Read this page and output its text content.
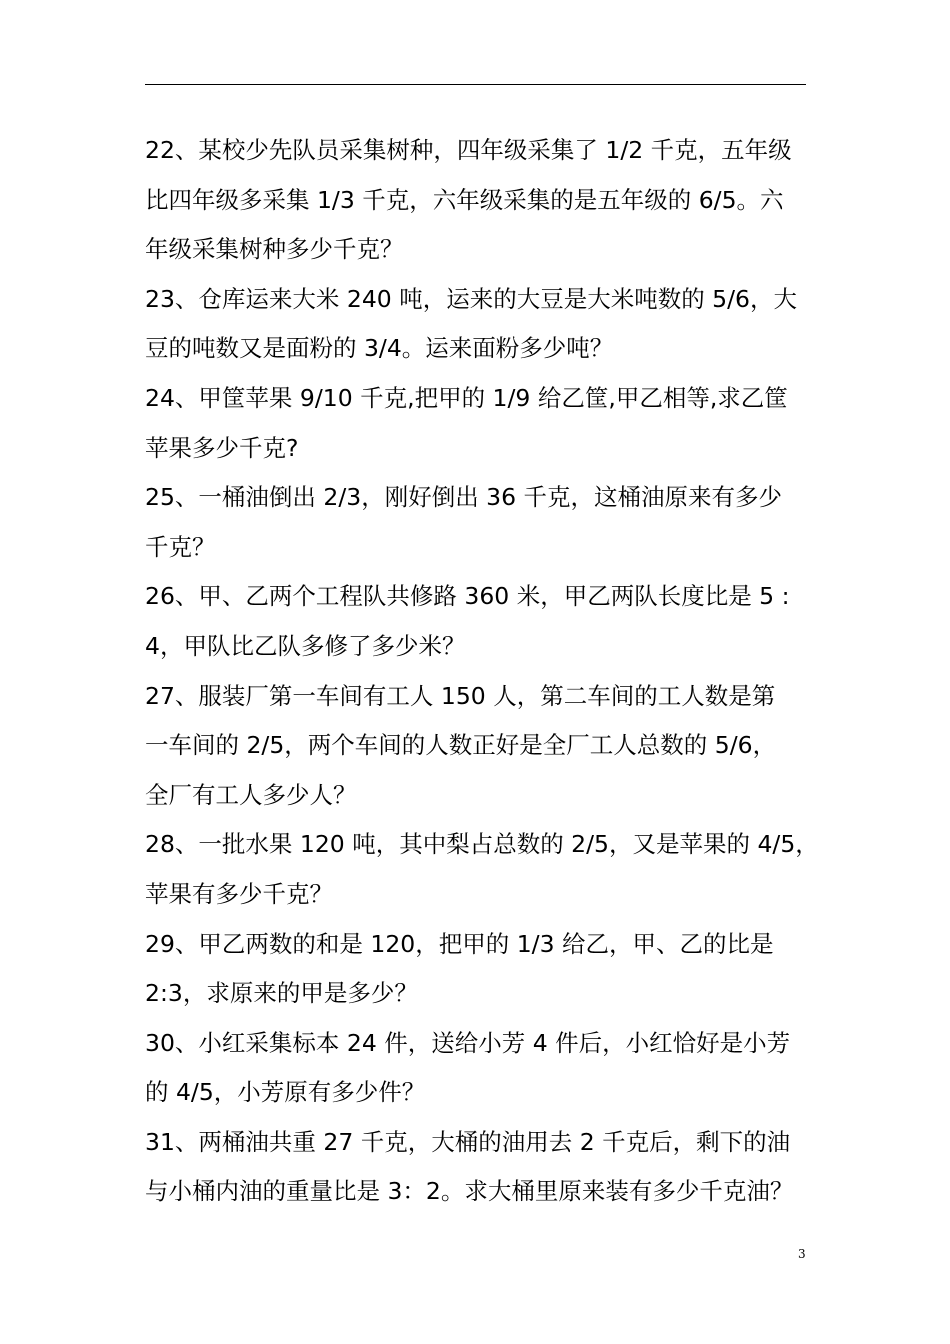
22、某校少先队员采集树种，四年级采集了 1/2 千克，五年级
比四年级多采集 1/3 千克，六年级采集的是五年级的 6/5。六
年级采集树种多少千克？
23、仓库运来大米 240 吨，运来的大豆是大米吨数的 5/6，大
豆的吨数又是面粉的 3/4。运来面粉多少吨？
24、甲筐苹果 9/10 千克,把甲的 1/9 给乙筐,甲乙相等,求乙筐
苹果多少千克?
25、一桶油倒出 2/3，刚好倒出 36 千克，这桶油原来有多少
千克？
26、甲、乙两个工程队共修路 360 米，甲乙两队长度比是 5 :
4，甲队比乙队多修了多少米？
27、服装厂第一车间有工人 150 人，第二车间的工人数是第
一车间的 2/5，两个车间的人数正好是全厂工人总数的 5/6，
全厂有工人多少人？
28、一批水果 120 吨，其中梨占总数的 2/5，又是苹果的 4/5，
苹果有多少千克？
29、甲乙两数的和是 120，把甲的 1/3 给乙，甲、乙的比是
2:3，求原来的甲是多少？
30、小红采集标本 24 件，送给小芳 4 件后，小红恰好是小芳
的 4/5，小芳原有多少件？
31、两桶油共重 27 千克，大桶的油用去 2 千克后，剩下的油
与小桶内油的重量比是 3：2。求大桶里原来装有多少千克油？
3
